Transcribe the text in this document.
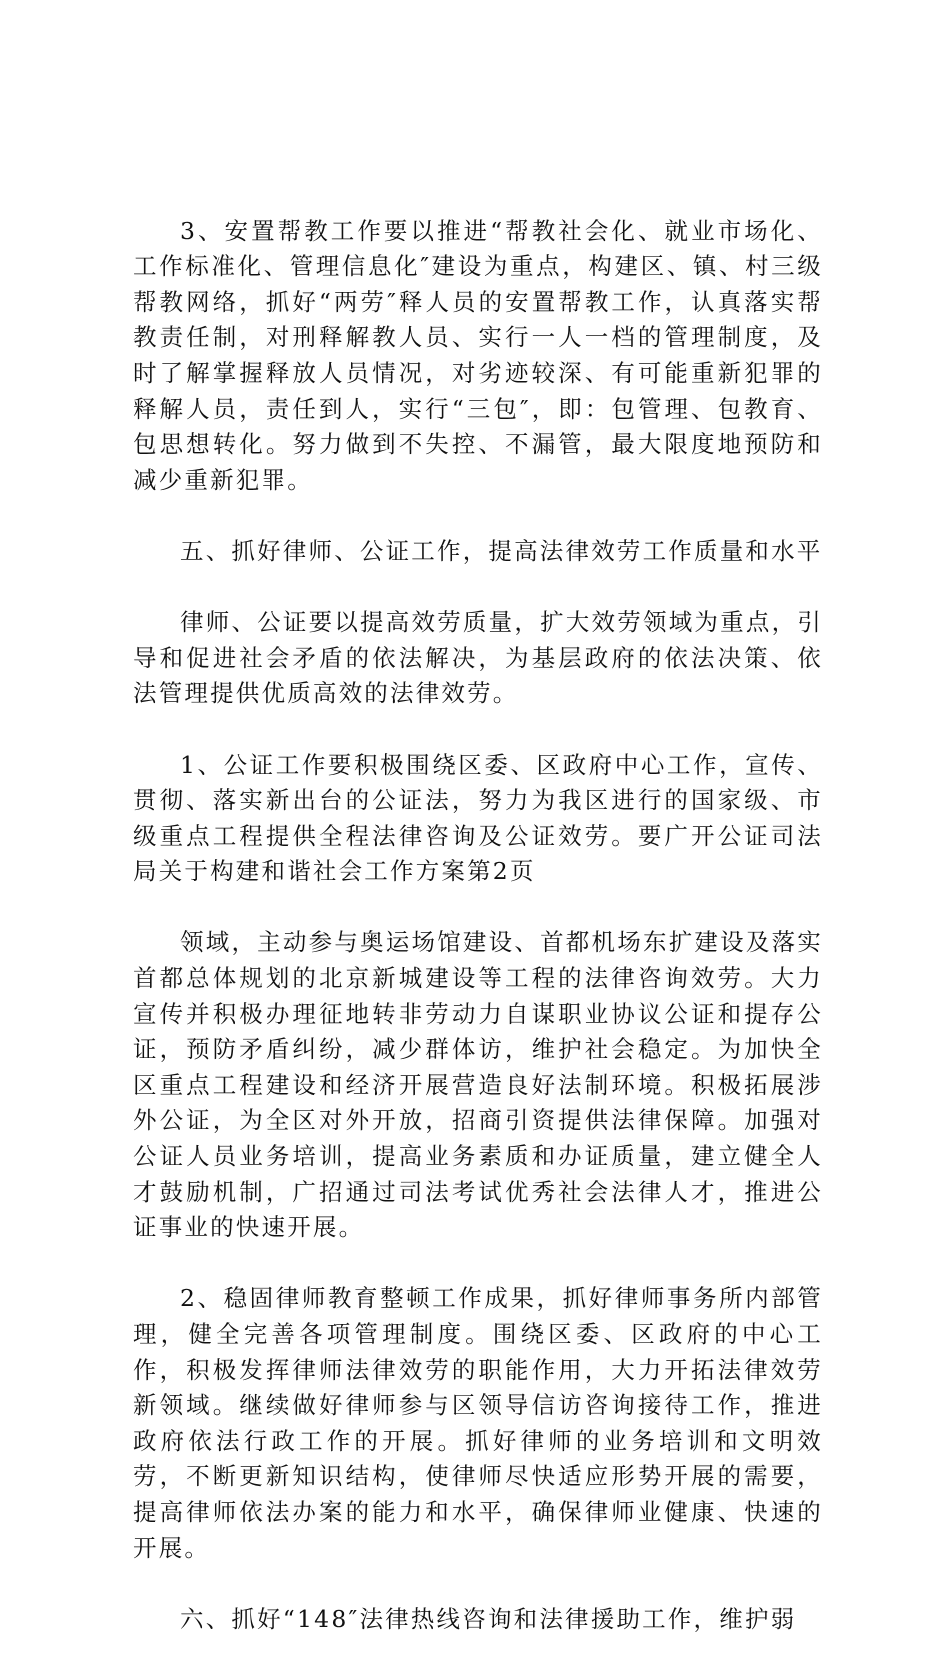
3、安置帮教工作要以推进“帮教社会化、就业市场化、工作标准化、管理信息化″建设为重点，构建区、镇、村三级帮教网络，抓好“两劳″释人员的安置帮教工作，认真落实帮教责任制，对刑释解教人员、实行一人一档的管理制度，及时了解掌握释放人员情况，对劣迹较深、有可能重新犯罪的释解人员，责任到人，实行“三包″，即：包管理、包教育、包思想转化。努力做到不失控、不漏管，最大限度地预防和减少重新犯罪。

五、抓好律师、公证工作，提高法律效劳工作质量和水平

律师、公证要以提高效劳质量，扩大效劳领域为重点，引导和促进社会矛盾的依法解决，为基层政府的依法决策、依法管理提供优质高效的法律效劳。

1、公证工作要积极围绕区委、区政府中心工作，宣传、贯彻、落实新出台的公证法，努力为我区进行的国家级、市级重点工程提供全程法律咨询及公证效劳。要广开公证司法局关于构建和谐社会工作方案第2页

领域，主动参与奥运场馆建设、首都机场东扩建设及落实首都总体规划的北京新城建设等工程的法律咨询效劳。大力宣传并积极办理征地转非劳动力自谋职业协议公证和提存公证，预防矛盾纠纷，减少群体访，维护社会稳定。为加快全区重点工程建设和经济开展营造良好法制环境。积极拓展涉外公证，为全区对外开放，招商引资提供法律保障。加强对公证人员业务培训，提高业务素质和办证质量，建立健全人才鼓励机制，广招通过司法考试优秀社会法律人才，推进公证事业的快速开展。

2、稳固律师教育整顿工作成果，抓好律师事务所内部管理，健全完善各项管理制度。围绕区委、区政府的中心工作，积极发挥律师法律效劳的职能作用，大力开拓法律效劳新领域。继续做好律师参与区领导信访咨询接待工作，推进政府依法行政工作的开展。抓好律师的业务培训和文明效劳，不断更新知识结构，使律师尽快适应形势开展的需要，提高律师依法办案的能力和水平，确保律师业健康、快速的开展。

六、抓好“148″法律热线咨询和法律援助工作，维护弱
